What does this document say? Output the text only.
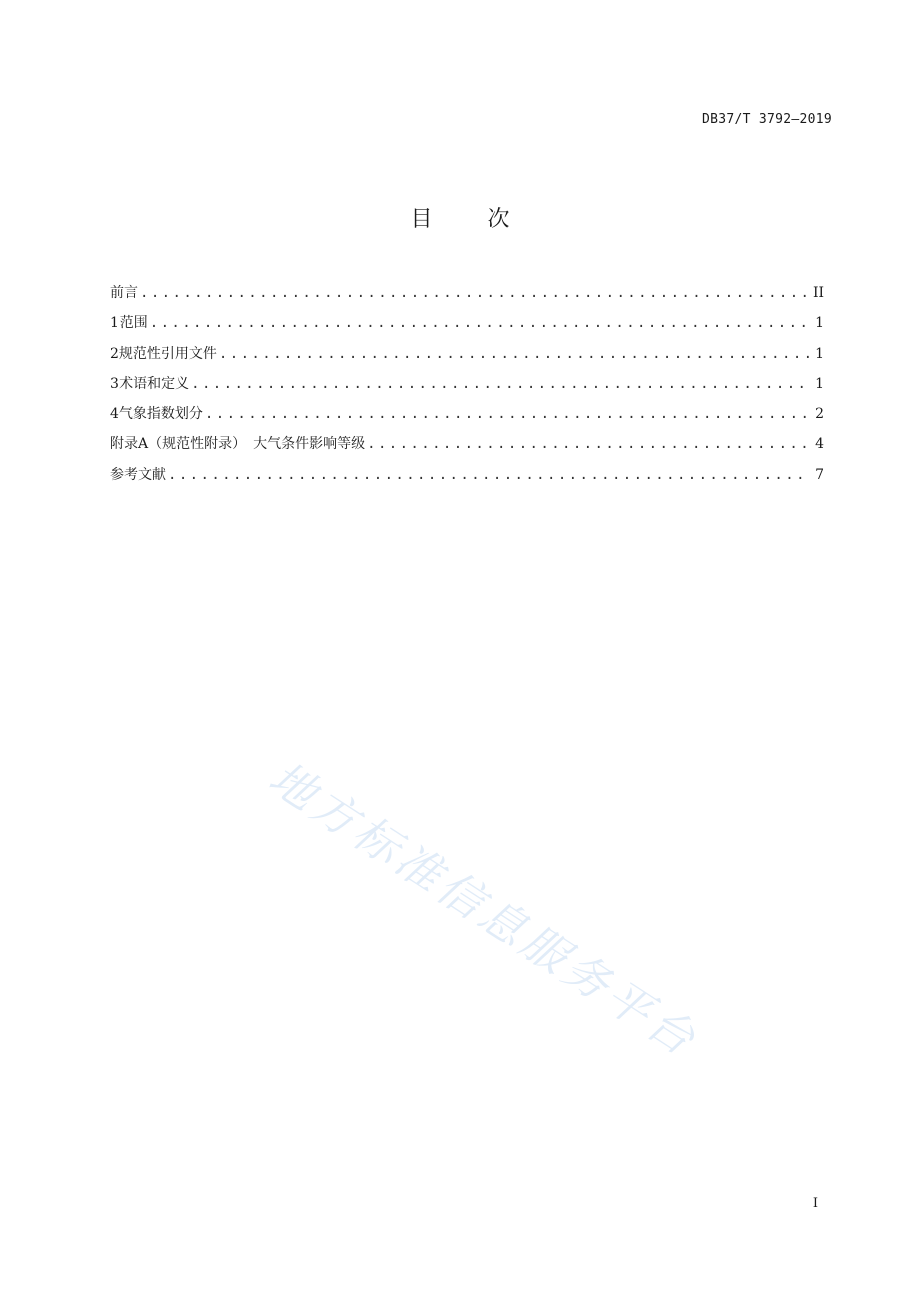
DB37/T 3792—2019
目 次
前言 .....	II
1 范围 .....	1
2 规范性引用文件 .....	1
3 术语和定义 .....	1
4 气象指数划分 .....	2
附录A（规范性附录）　大气条件影响等级 .....	4
参考文献 .....	7
地方标准信息服务平台
I
